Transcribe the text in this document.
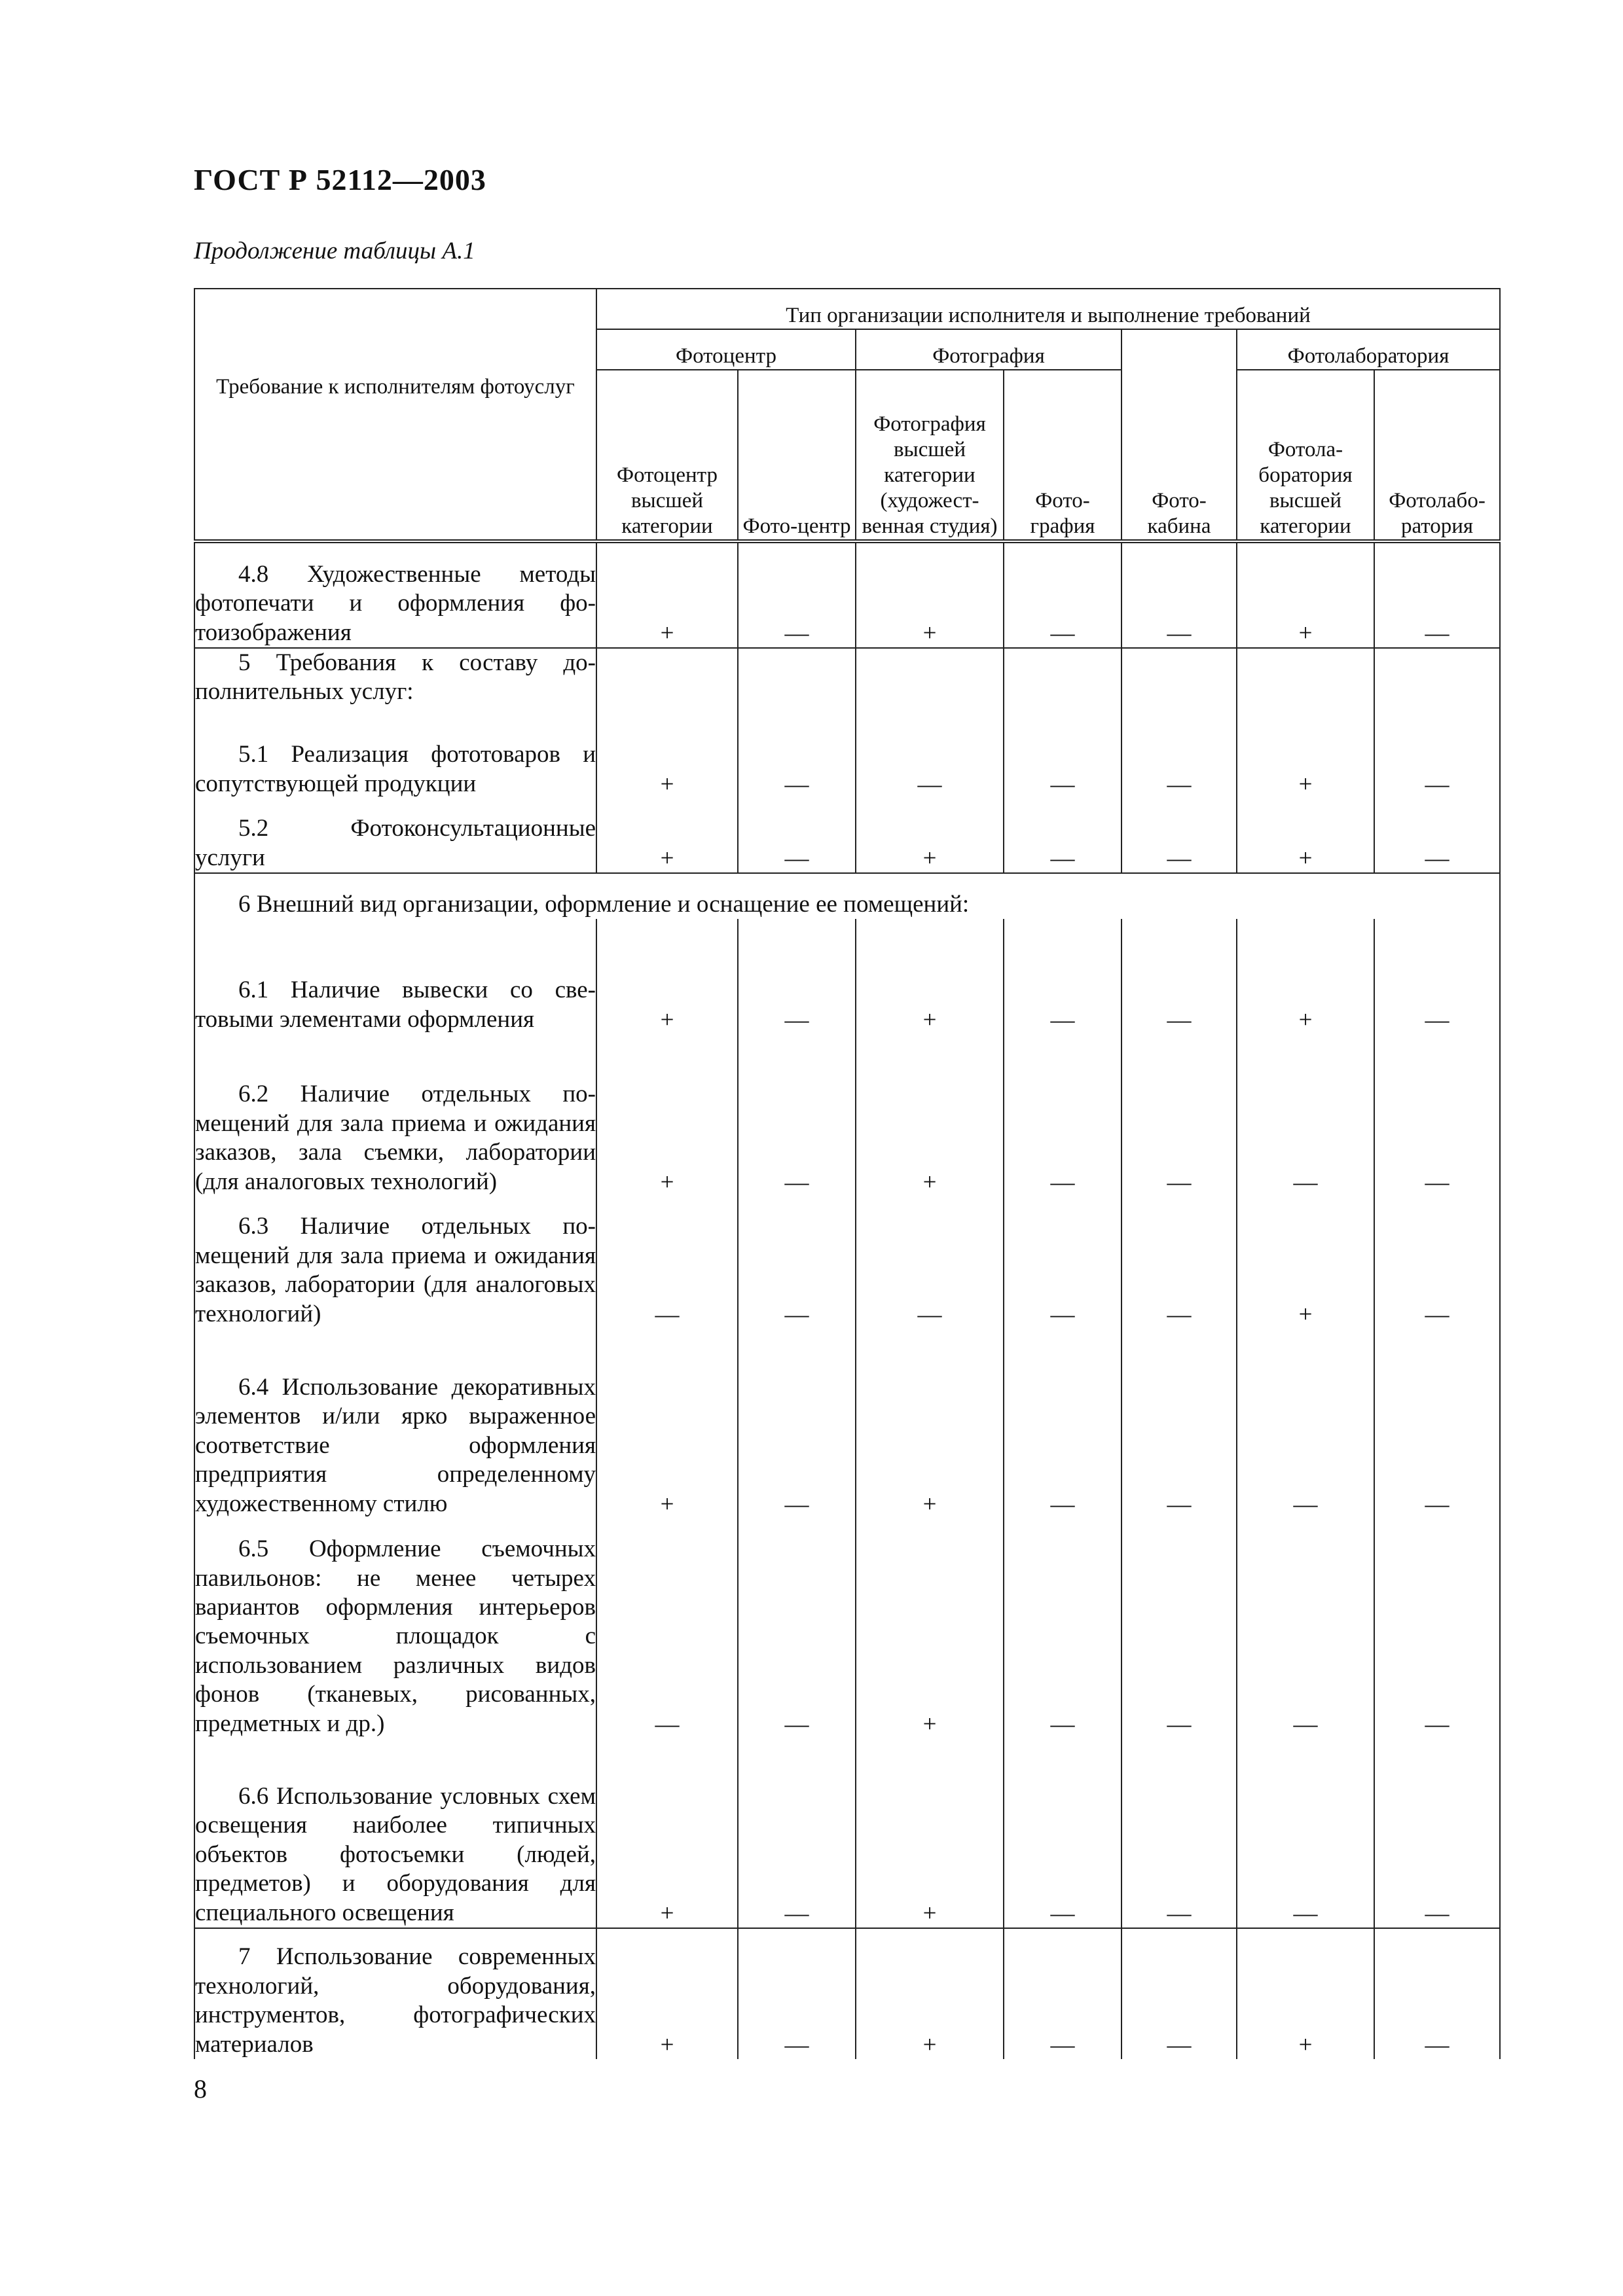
ГОСТ Р 52112—2003
Продолжение таблицы А.1
Требование к исполнителям фотоуслуг	Тип организации исполнителя и выполнение требований						
	Фотоцентр		Фотография		Фото-кабина	Фотолаборатория	
	Фотоцентр высшей категории	Фото-центр	Фотография высшей категории (художест-венная студия)	Фото-графия		Фотола-боратория высшей категории	Фотолабо-ратория

4.8 Художественные методы фотопечати и оформления фотоизображения	+	—	+	—	—	+	—
5 Требования к составу дополнительных услуг:							
5.1 Реализация фототоваров и сопутствующей продукции	+	—	—	—	—	+	—
5.2 Фотоконсультационные услуги	+	—	+	—	—	+	—
6 Внешний вид организации, оформление и оснащение ее помещений:							
6.1 Наличие вывески со световыми элементами оформления	+	—	+	—	—	+	—
6.2 Наличие отдельных помещений для зала приема и ожидания заказов, зала съемки, лаборатории (для аналоговых технологий)	+	—	+	—	—	—	—
6.3 Наличие отдельных помещений для зала приема и ожидания заказов, лаборатории (для аналоговых технологий)	—	—	—	—	—	+	—
6.4 Использование декоративных элементов и/или ярко выраженное соответствие оформления предприятия определенному художественному стилю	+	—	+	—	—	—	—
6.5 Оформление съемочных павильонов: не менее четырех вариантов оформления интерьеров съемочных площадок с использованием различных видов фонов (тканевых, рисованных, предметных и др.)	—	—	+	—	—	—	—
6.6 Использование условных схем освещения наиболее типичных объектов фотосъемки (людей, предметов) и оборудования для специального освещения	+	—	+	—	—	—	—
7 Использование современных технологий, оборудования, инструментов, фотографических материалов	+	—	+	—	—	+	—
8
